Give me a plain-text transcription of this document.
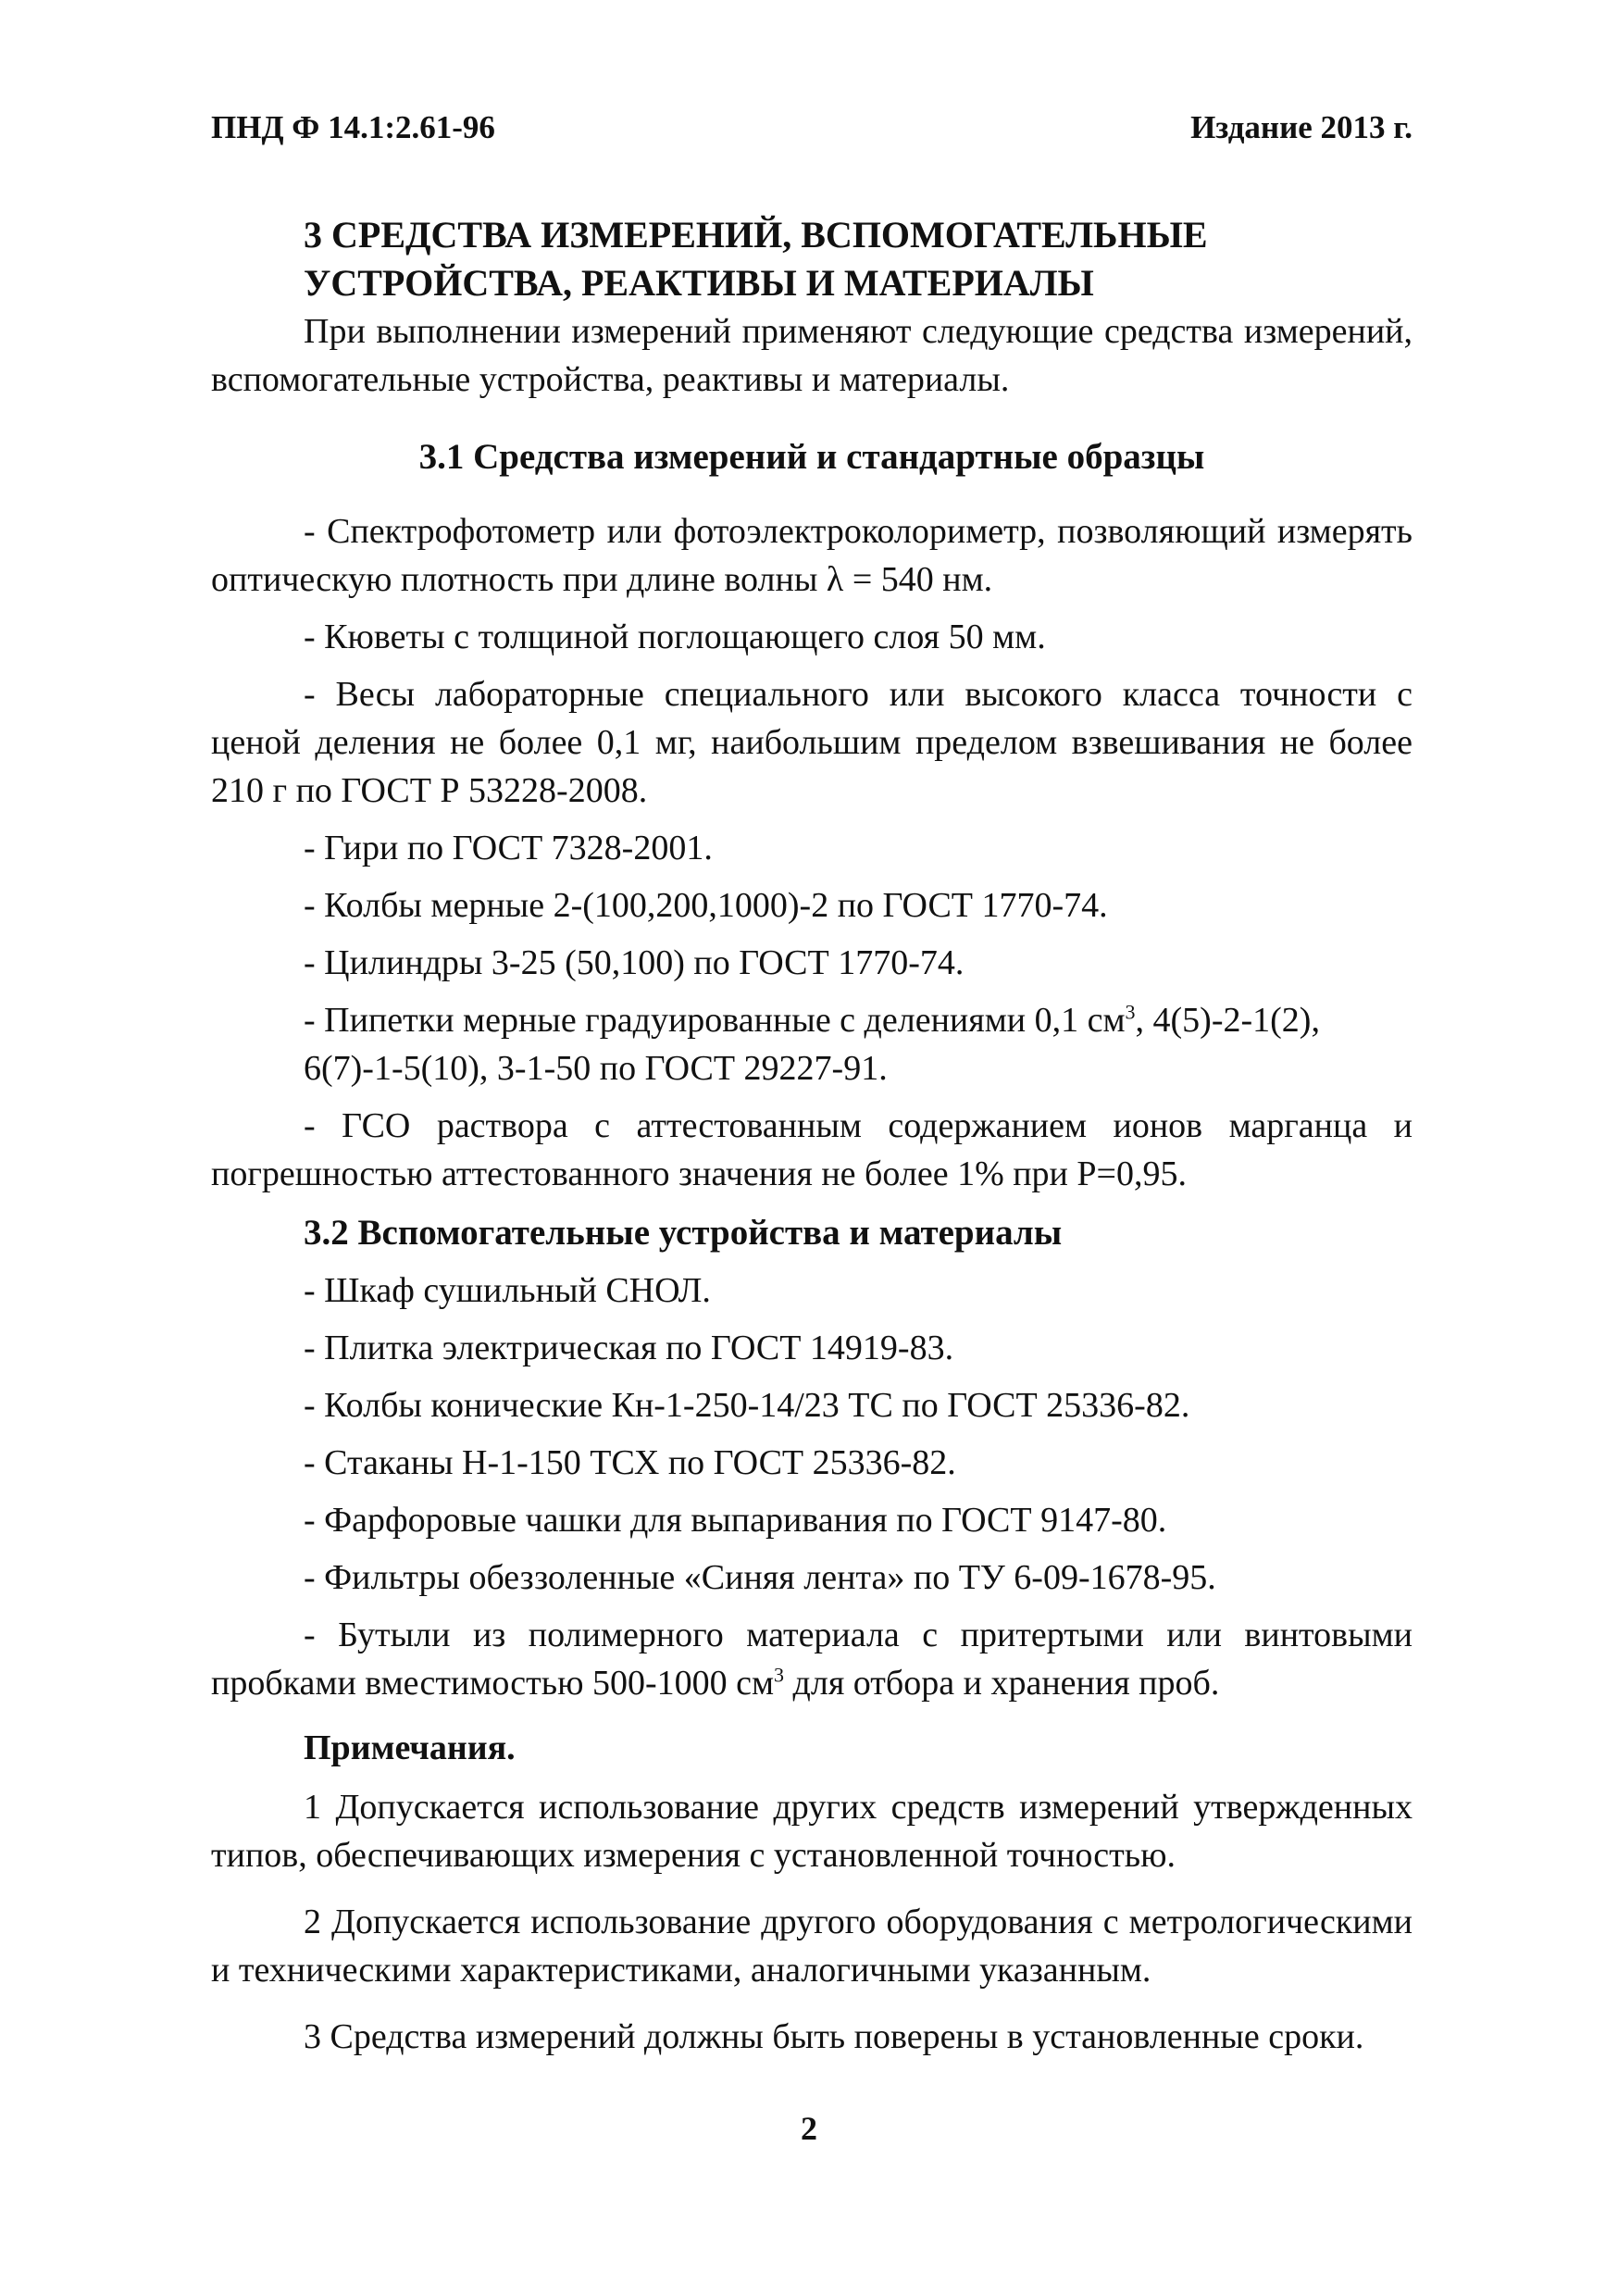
ПНД Ф 14.1:2.61-96	Издание 2013 г.

3 СРЕДСТВА ИЗМЕРЕНИЙ, ВСПОМОГАТЕЛЬНЫЕ

УСТРОЙСТВА, РЕАКТИВЫ И МАТЕРИАЛЫ

При выполнении измерений применяют следующие средства измерений, вспомогательные устройства, реактивы и материалы.

3.1 Средства измерений и стандартные образцы
- Спектрофотометр или фотоэлектроколориметр, позволяющий измерять оптическую плотность при длине волны λ = 540 нм.
- Кюветы с толщиной поглощающего слоя 50 мм.
- Весы лабораторные специального или высокого класса точности с ценой деления не более 0,1 мг, наибольшим пределом взвешивания не более 210 г по ГОСТ Р 53228-2008.
- Гири по ГОСТ 7328-2001.
- Колбы мерные 2-(100,200,1000)-2 по ГОСТ 1770-74.
- Цилиндры 3-25 (50,100) по ГОСТ 1770-74.
- Пипетки мерные градуированные с делениями 0,1 $см^3$, 4(5)-2-1(2), 6(7)-1-5(10), 3-1-50 по ГОСТ 29227-91.
- ГСО раствора с аттестованным содержанием ионов марганца и погрешностью аттестованного значения не более 1% при Р=0,95.
3.2 Вспомогательные устройства и материалы
- Шкаф сушильный СНОЛ.
- Плитка электрическая по ГОСТ 14919-83.
- Колбы конические Кн-1-250-14/23 ТС по ГОСТ 25336-82.
- Стаканы Н-1-150 ТСХ по ГОСТ 25336-82.
- Фарфоровые чашки для выпаривания по ГОСТ 9147-80.
- Фильтры обеззоленные «Синяя лента» по ТУ 6-09-1678-95.
- Бутыли из полимерного материала с притертыми или винтовыми пробками вместимостью 500-1000 $см^3$ для отбора и хранения проб.
Примечания.

1 Допускается использование других средств измерений утвержденных типов, обеспечивающих измерения с установленной точностью.

2 Допускается использование другого оборудования с метрологическими и техническими характеристиками, аналогичными указанным.

3 Средства измерений должны быть поверены в установленные сроки.

2
